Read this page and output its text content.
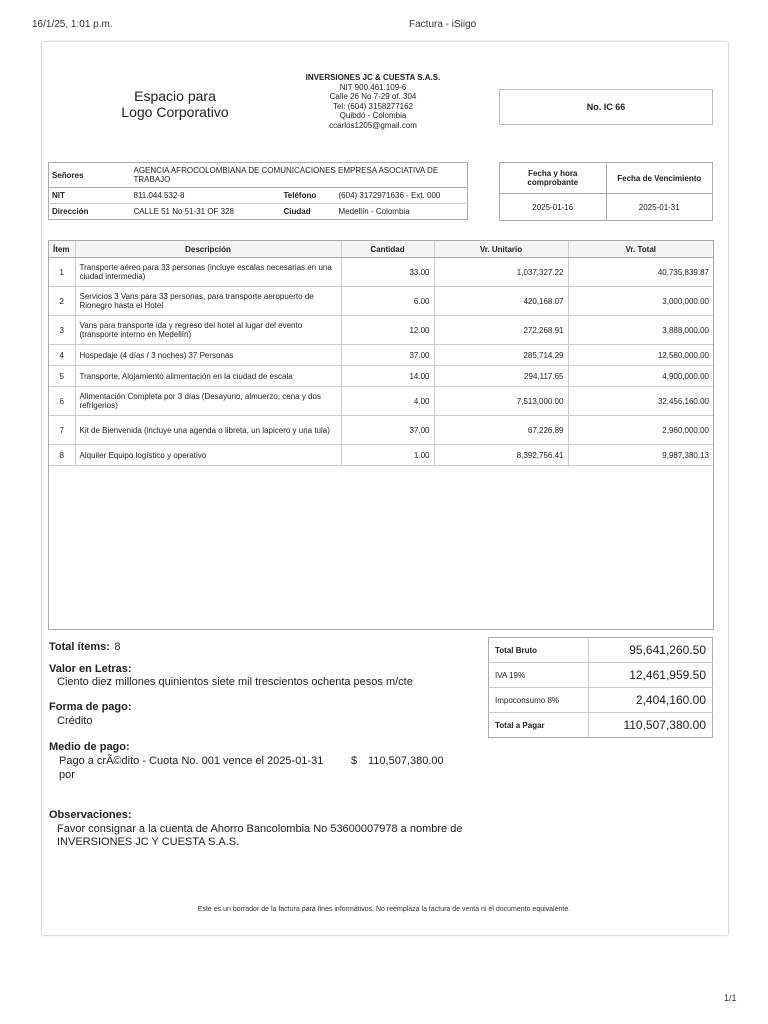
16/1/25, 1:01 p.m.	Factura - iSiigo
Espacio para
Logo Corporativo
INVERSIONES JC & CUESTA S.A.S.
NIT 900.461.109-6
Calle 26 No 7-29 of. 304
Tel: (604) 3158277162
Quibdó - Colombia
ccarlos1205@gmail.com
No. IC 66
Señores	AGENCIA AFROCOLOMBIANA DE COMUNICACIONES EMPRESA ASOCIATIVA DE TRABAJO		
NIT	811.044.532-8	Teléfono	(604) 3172971636 - Ext. 000
Dirección	CALLE 51 No 51-31 OF 328	Ciudad	Medellín - Colombia
Fecha y hora comprobante	Fecha de Vencimiento
2025-01-16	2025-01-31
Ítem	Descripción	Cantidad	Vr. Unitario	Vr. Total
1	Transporte aéreo para 33 personas (incluye escalas necesarias en una ciudad intermedia)	33.00	1,037,327.22	40,735,839.87
2	Servicios 3 Vans para 33 personas, para transporte aeropuerto de Rionegro hasta el Hotel	6.00	420,168.07	3,000,000.00
3	Vans para transporte ida y regreso del hotel al lugar del evento (transporte interno en Medellín)	12.00	272,268.91	3,888,000.00
4	Hospedaje (4 días / 3 noches) 37 Personas	37.00	285,714.29	12,580,000.00
5	Transporte, Alojamiento alimentación en la ciudad de escala	14.00	294,117.65	4,900,000.00
6	Alimentación Completa por 3 días (Desayuno, almuerzo, cena y dos refrigerios)	4.00	7,513,000.00	32,456,160.00
7	Kit de Bienvenida (incluye una agenda o libreta, un lapicero y una tula)	37.00	67,226.89	2,960,000.00
8	Alquiler Equipo logístico y operativo	1.00	8,392,756.41	9,987,380.13
Total ítems: 8
Valor en Letras:
Ciento diez millones quinientos siete mil trescientos ochenta pesos m/cte
Forma de pago:
Crédito
Medio de pago:
Pago a crÃ©dito - Cuota No. 001 vence el 2025-01-31	$ 110,507,380.00
por
Observaciones:
Favor consignar a la cuenta de Ahorro Bancolombia No 53600007978 a nombre de
INVERSIONES JC Y CUESTA S.A.S.
Total Bruto	95,641,260.50
IVA 19%	12,461,959.50
Impoconsumo 8%	2,404,160.00
Total a Pagar	110,507,380.00
Este es un borrador de la factura para fines informativos. No reemplaza la factura de venta ni el documento equivalente.
1/1
